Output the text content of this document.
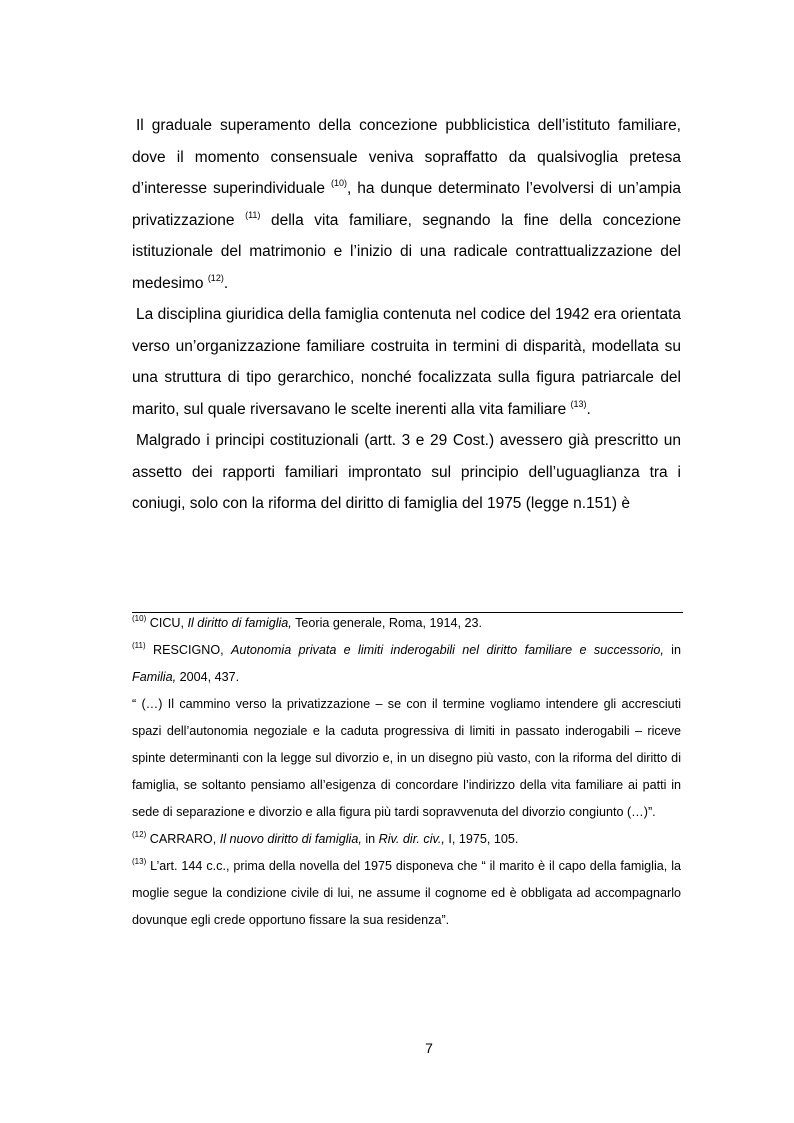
Il graduale superamento della concezione pubblicistica dell’istituto familiare, dove il momento consensuale veniva sopraffatto da qualsivoglia pretesa d’interesse superindividuale $^{(10)}$, ha dunque determinato l’evolversi di un’ampia privatizzazione $^{(11)}$ della vita familiare, segnando la fine della concezione istituzionale del matrimonio e l’inizio di una radicale contrattualizzazione del medesimo $^{(12)}$.

La disciplina giuridica della famiglia contenuta nel codice del 1942 era orientata verso un’organizzazione familiare costruita in termini di disparità, modellata su una struttura di tipo gerarchico, nonché focalizzata sulla figura patriarcale del marito, sul quale riversavano le scelte inerenti alla vita familiare $^{(13)}$.

Malgrado i principi costituzionali (artt. 3 e 29 Cost.) avessero già prescritto un assetto dei rapporti familiari improntato sul principio dell’uguaglianza tra i coniugi, solo con la riforma del diritto di famiglia del 1975 (legge n.151) è

$^{(10)}$ CICU, Il diritto di famiglia, Teoria generale, Roma, 1914, 23.

$^{(11)}$ RESCIGNO, Autonomia privata e limiti inderogabili nel diritto familiare e successorio, in Familia, 2004, 437.

“ (…) Il cammino verso la privatizzazione – se con il termine vogliamo intendere gli accresciuti spazi dell’autonomia negoziale e la caduta progressiva di limiti in passato inderogabili – riceve spinte determinanti con la legge sul divorzio e, in un disegno più vasto, con la riforma del diritto di famiglia, se soltanto pensiamo all’esigenza di concordare l’indirizzo della vita familiare ai patti in sede di separazione e divorzio e alla figura più tardi sopravvenuta del divorzio congiunto (…)”.

$^{(12)}$ CARRARO, Il nuovo diritto di famiglia, in Riv. dir. civ., I, 1975, 105.

$^{(13)}$ L’art. 144 c.c., prima della novella del 1975 disponeva che “ il marito è il capo della famiglia, la moglie segue la condizione civile di lui, ne assume il cognome ed è obbligata ad accompagnarlo dovunque egli crede opportuno fissare la sua residenza”.

7
